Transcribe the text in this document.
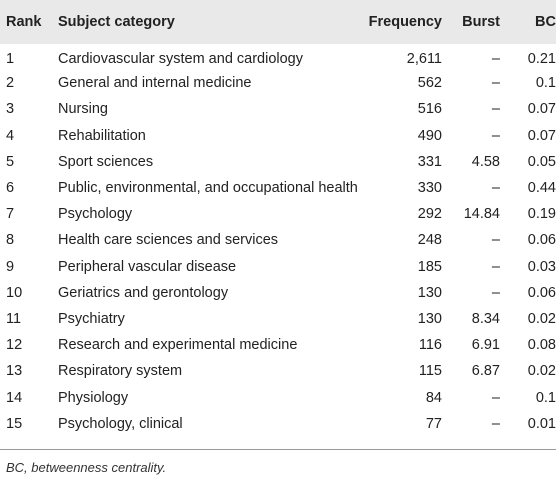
Rank	Subject category	Frequency	Burst	BC
1	Cardiovascular system and cardiology	2,611	–	0.21
2	General and internal medicine	562	–	0.1
3	Nursing	516	–	0.07
4	Rehabilitation	490	–	0.07
5	Sport sciences	331	4.58	0.05
6	Public, environmental, and occupational health	330	–	0.44
7	Psychology	292	14.84	0.19
8	Health care sciences and services	248	–	0.06
9	Peripheral vascular disease	185	–	0.03
10	Geriatrics and gerontology	130	–	0.06
11	Psychiatry	130	8.34	0.02
12	Research and experimental medicine	116	6.91	0.08
13	Respiratory system	115	6.87	0.02
14	Physiology	84	–	0.1
15	Psychology, clinical	77	–	0.01
BC, betweenness centrality.
